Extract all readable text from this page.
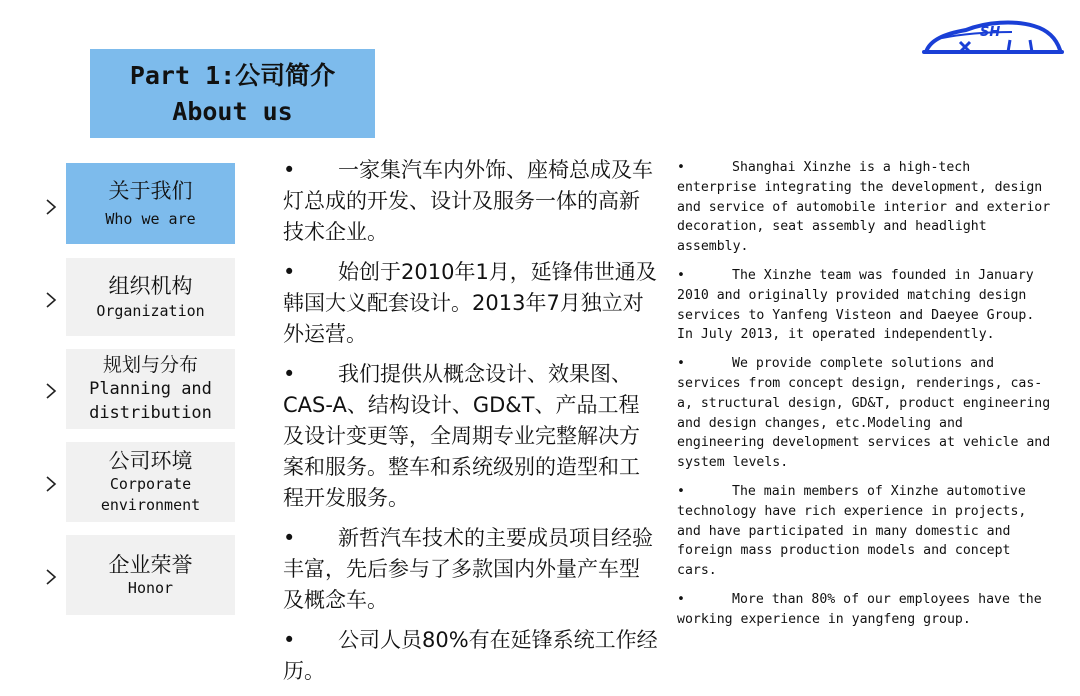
SH
Part 1:公司简介
About us
关于我们
Who we are
组织机构
Organization
规划与分布
Planning and
distribution
公司环境
Corporate
environment
企业荣誉
Honor

• 一家集汽车内外饰、座椅总成及车灯总成的开发、设计及服务一体的高新技术企业。

• 始创于2010年1月，延锋伟世通及韩国大义配套设计。2013年7月独立对外运营。

• 我们提供从概念设计、效果图、CAS-A、结构设计、GD&T、产品工程及设计变更等，全周期专业完整解决方案和服务。整车和系统级别的造型和工程开发服务。

• 新哲汽车技术的主要成员项目经验丰富，先后参与了多款国内外量产车型及概念车。

• 公司人员80%有在延锋系统工作经历。

•	Shanghai Xinzhe is a high-tech enterprise integrating the development, design and service of automobile interior and exterior decoration, seat assembly and headlight assembly.

•	The Xinzhe team was founded in January 2010 and originally provided matching design services to Yanfeng Visteon and Daeyee Group. In July 2013, it operated independently.

•	We provide complete solutions and services from concept design, renderings, cas-a, structural design, GD&T, product engineering and design changes, etc.Modeling and engineering development services at vehicle and system levels.

•	The main members of Xinzhe automotive technology have rich experience in projects, and have participated in many domestic and foreign mass production models and concept cars.

•	More than 80% of our employees have the working experience in yangfeng group.
